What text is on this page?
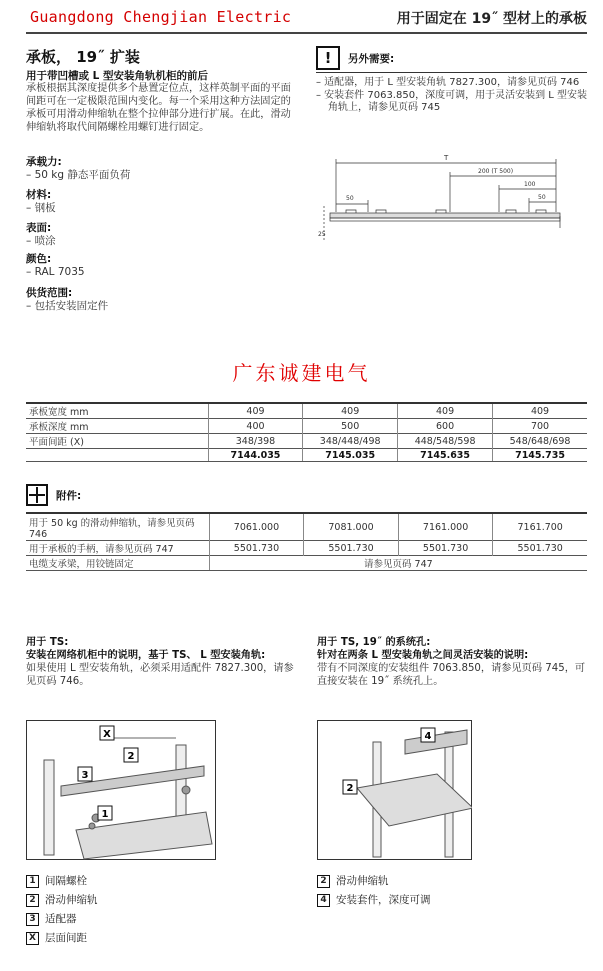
Guangdong Chengjian Electric	用于固定在 19˝ 型材上的承板
承板， 19˝ 扩装
用于带凹槽或 L 型安装角轨机柜的前后
承板根据其深度提供多个悬置定位点，这样英制平面的平面间距可在一定极限范围内变化。每一个采用这种方法固定的承板可用滑动伸缩轨在整个拉伸部分进行扩展。在此，滑动伸缩轨将取代间隔螺栓用螺钉进行固定。
承载力:
– 50 kg 静态平面负荷
材料:
– 钢板
表面:
– 喷涂
颜色:
– RAL 7035
供货范围:
– 包括安装固定件
!	另外需要:
– 适配器，用于 L 型安装角轨 7827.300，请参见页码 746
– 安装套件 7063.850，深度可调，用于灵活安装到 L 型安装角轨上，请参见页码 745
T
200 (T 500)
100
50
50
25
广东诚建电气
承板宽度 mm	409	409	409	409
承板深度 mm	400	500	600	700
平面间距 (X)	348/398	348/448/498	448/548/598	548/648/698
	7144.035	7145.035	7145.635	7145.735
附件:
用于 50 kg 的滑动伸缩轨，请参见页码 746	7061.000	7081.000	7161.000	7161.700
用于承板的手柄，请参见页码 747	5501.730	5501.730	5501.730	5501.730
电缆支承梁，用铰链固定	请参见页码 747			
用于 TS:
安装在网络机柜中的说明，基于 TS、 L 型安装角轨:
如果使用 L 型安装角轨，必须采用适配件 7827.300，请参见页码 746。
用于 TS, 19˝ 的系统孔:
针对在两条 L 型安装角轨之间灵活安装的说明:
带有不同深度的安装组件 7063.850，请参见页码 745，可直接安装在 19˝ 系统孔上。
X
2
3
1
4
2
1 间隔螺栓
2 滑动伸缩轨
3 适配器
X 层面间距
2 滑动伸缩轨
4 安装套件，深度可调
